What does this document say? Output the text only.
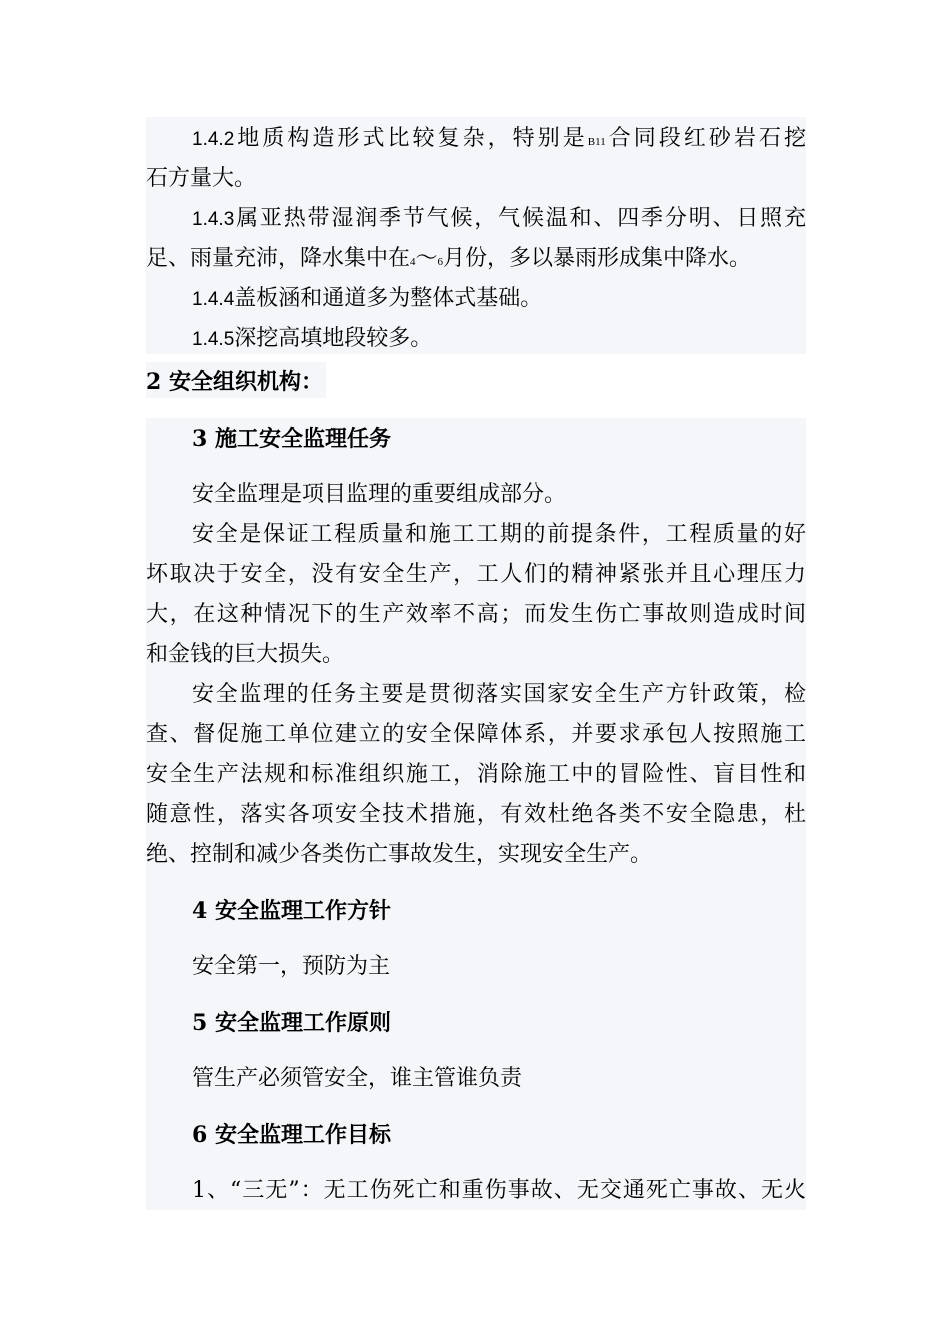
1.4.2地质构造形式比较复杂，特别是B11合同段红砂岩石挖
石方量大。
1.4.3属亚热带湿润季节气候，气候温和、四季分明、日照充
足、雨量充沛，降水集中在4～6月份，多以暴雨形成集中降水。
1.4.4盖板涵和通道多为整体式基础。
1.4.5深挖高填地段较多。
2 安全组织机构：
3 施工安全监理任务
安全监理是项目监理的重要组成部分。
安全是保证工程质量和施工工期的前提条件，工程质量的好
坏取决于安全，没有安全生产，工人们的精神紧张并且心理压力
大，在这种情况下的生产效率不高；而发生伤亡事故则造成时间
和金钱的巨大损失。
安全监理的任务主要是贯彻落实国家安全生产方针政策，检
查、督促施工单位建立的安全保障体系，并要求承包人按照施工
安全生产法规和标准组织施工，消除施工中的冒险性、盲目性和
随意性，落实各项安全技术措施，有效杜绝各类不安全隐患，杜
绝、控制和减少各类伤亡事故发生，实现安全生产。
4 安全监理工作方针
安全第一，预防为主
5 安全监理工作原则
管生产必须管安全，谁主管谁负责
6 安全监理工作目标
1、“三无”：无工伤死亡和重伤事故、无交通死亡事故、无火
